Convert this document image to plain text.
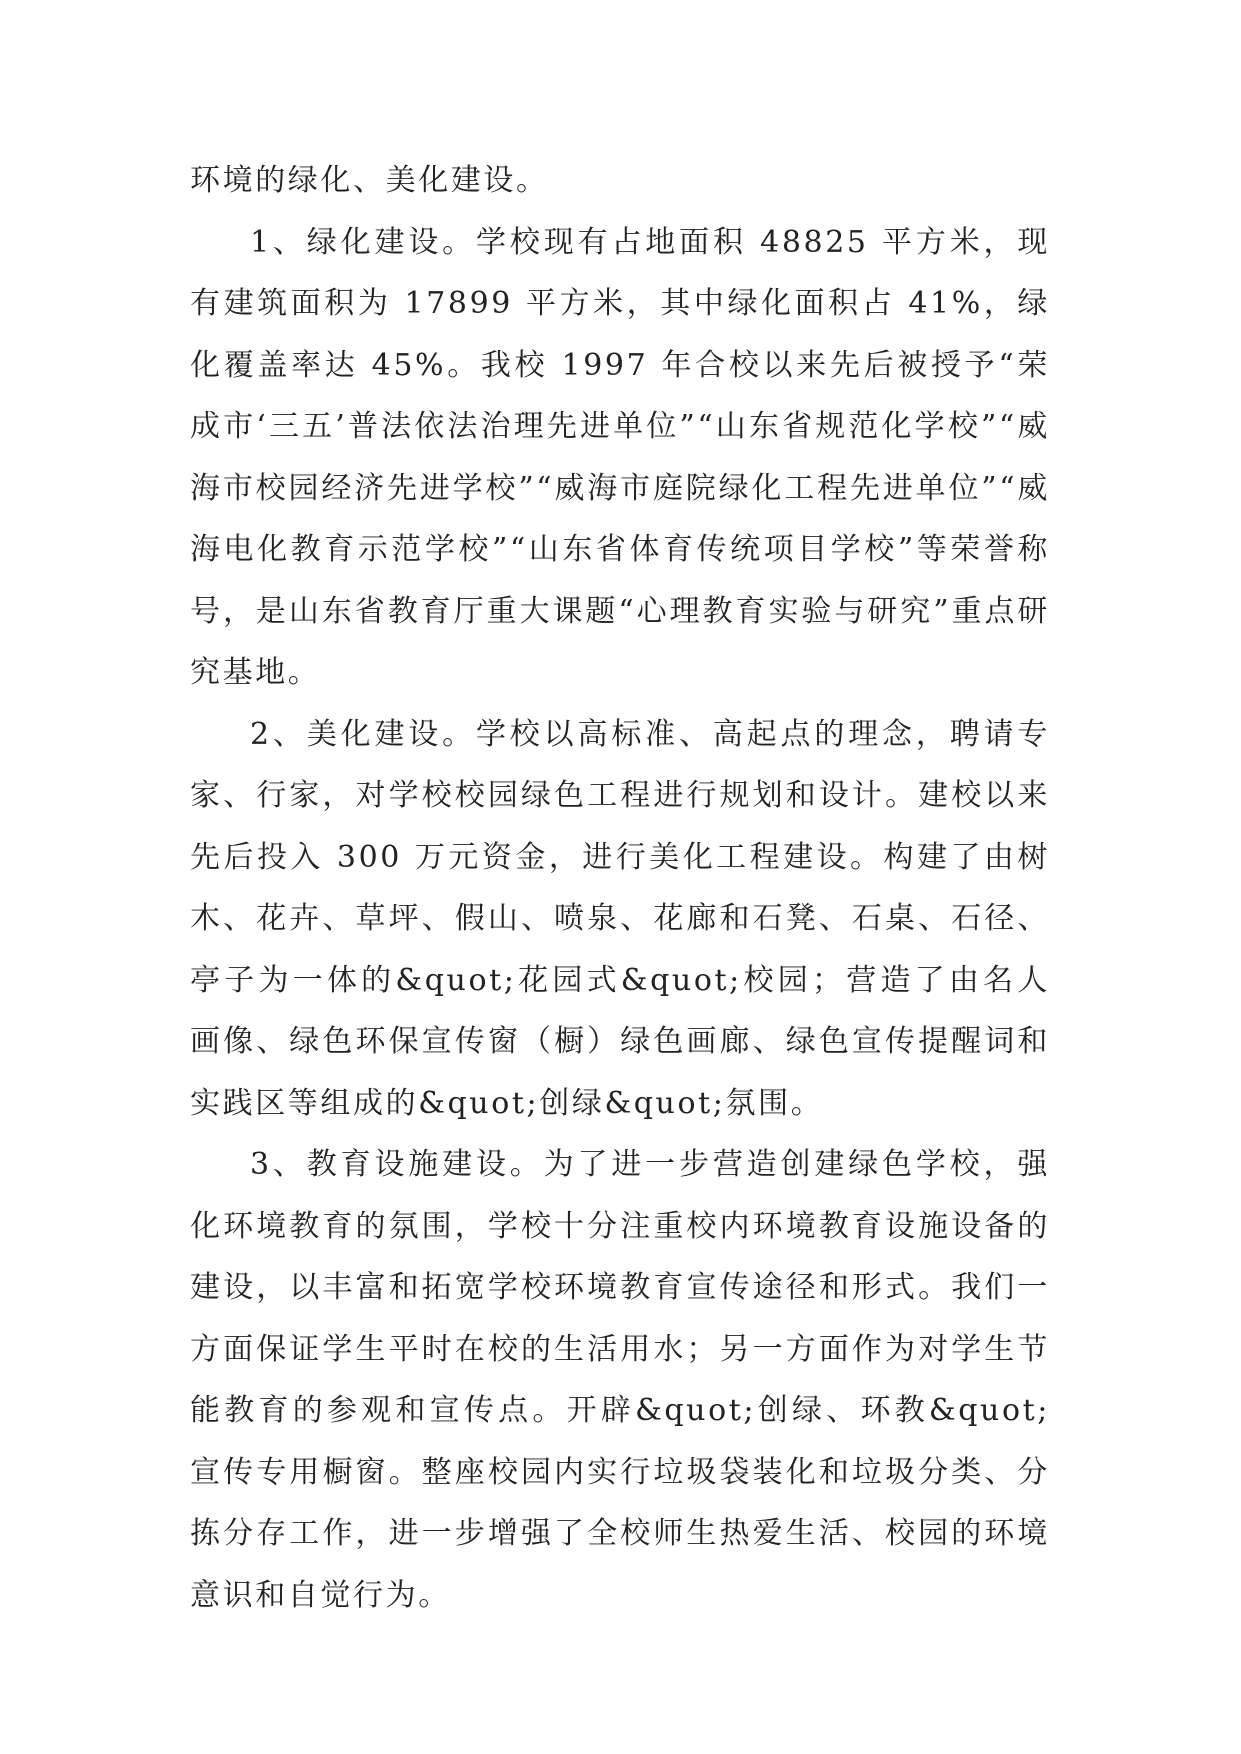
环境的绿化、美化建设。

1、绿化建设。学校现有占地面积 48825 平方米，现有建筑面积为 17899 平方米，其中绿化面积占 41%，绿化覆盖率达 45%。我校 1997 年合校以来先后被授予“荣成市‘三五’普法依法治理先进单位”“山东省规范化学校”“威海市校园经济先进学校”“威海市庭院绿化工程先进单位”“威海电化教育示范学校”“山东省体育传统项目学校”等荣誉称号，是山东省教育厅重大课题“心理教育实验与研究”重点研究基地。

2、美化建设。学校以高标准、高起点的理念，聘请专家、行家，对学校校园绿色工程进行规划和设计。建校以来先后投入 300 万元资金，进行美化工程建设。构建了由树木、花卉、草坪、假山、喷泉、花廊和石凳、石桌、石径、亭子为一体的&quot;花园式&quot;校园；营造了由名人画像、绿色环保宣传窗（橱）绿色画廊、绿色宣传提醒词和实践区等组成的&quot;创绿&quot;氛围。

3、教育设施建设。为了进一步营造创建绿色学校，强化环境教育的氛围，学校十分注重校内环境教育设施设备的建设，以丰富和拓宽学校环境教育宣传途径和形式。我们一方面保证学生平时在校的生活用水；另一方面作为对学生节能教育的参观和宣传点。开辟&quot;创绿、环教&quot;宣传专用橱窗。整座校园内实行垃圾袋装化和垃圾分类、分拣分存工作，进一步增强了全校师生热爱生活、校园的环境意识和自觉行为。
